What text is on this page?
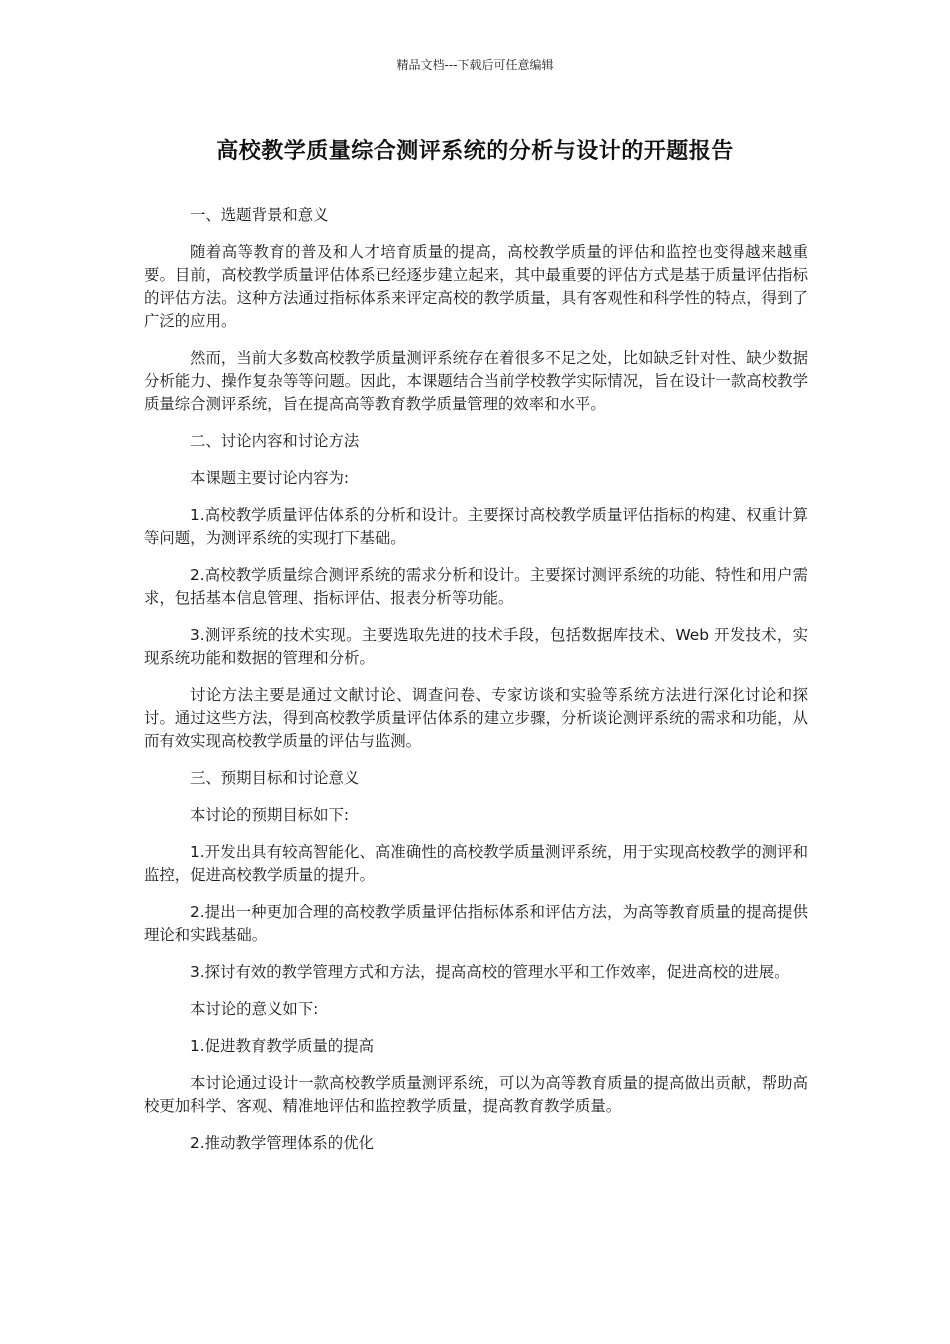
精品文档---下载后可任意编辑
高校教学质量综合测评系统的分析与设计的开题报告

一、选题背景和意义

随着高等教育的普及和人才培育质量的提高，高校教学质量的评估和监控也变得越来越重要。目前，高校教学质量评估体系已经逐步建立起来，其中最重要的评估方式是基于质量评估指标的评估方法。这种方法通过指标体系来评定高校的教学质量，具有客观性和科学性的特点，得到了广泛的应用。

然而，当前大多数高校教学质量测评系统存在着很多不足之处，比如缺乏针对性、缺少数据分析能力、操作复杂等等问题。因此，本课题结合当前学校教学实际情况，旨在设计一款高校教学质量综合测评系统，旨在提高高等教育教学质量管理的效率和水平。

二、讨论内容和讨论方法

本课题主要讨论内容为:

1.高校教学质量评估体系的分析和设计。主要探讨高校教学质量评估指标的构建、权重计算等问题，为测评系统的实现打下基础。

2.高校教学质量综合测评系统的需求分析和设计。主要探讨测评系统的功能、特性和用户需求，包括基本信息管理、指标评估、报表分析等功能。

3.测评系统的技术实现。主要选取先进的技术手段，包括数据库技术、Web 开发技术，实现系统功能和数据的管理和分析。

讨论方法主要是通过文献讨论、调查问卷、专家访谈和实验等系统方法进行深化讨论和探讨。通过这些方法，得到高校教学质量评估体系的建立步骤，分析谈论测评系统的需求和功能，从而有效实现高校教学质量的评估与监测。

三、预期目标和讨论意义

本讨论的预期目标如下:

1.开发出具有较高智能化、高准确性的高校教学质量测评系统，用于实现高校教学的测评和监控，促进高校教学质量的提升。

2.提出一种更加合理的高校教学质量评估指标体系和评估方法，为高等教育质量的提高提供理论和实践基础。

3.探讨有效的教学管理方式和方法，提高高校的管理水平和工作效率，促进高校的进展。

本讨论的意义如下:

1.促进教育教学质量的提高

本讨论通过设计一款高校教学质量测评系统，可以为高等教育质量的提高做出贡献，帮助高校更加科学、客观、精准地评估和监控教学质量，提高教育教学质量。

2.推动教学管理体系的优化
